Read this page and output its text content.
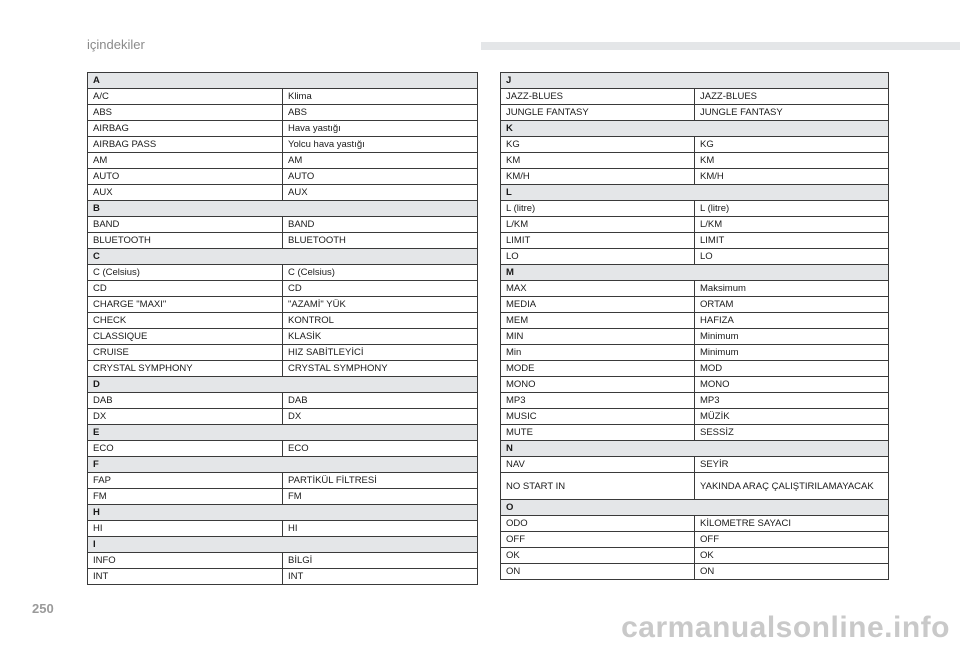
içindekiler
A	
A/C	Klima
ABS	ABS
AIRBAG	Hava yastığı
AIRBAG PASS	Yolcu hava yastığı
AM	AM
AUTO	AUTO
AUX	AUX
B	
BAND	BAND
BLUETOOTH	BLUETOOTH
C	
C (Celsius)	C (Celsius)
CD	CD
CHARGE "MAXI"	"AZAMİ" YÜK
CHECK	KONTROL
CLASSIQUE	KLASİK
CRUISE	HIZ SABİTLEYİCİ
CRYSTAL SYMPHONY	CRYSTAL SYMPHONY
D	
DAB	DAB
DX	DX
E	
ECO	ECO
F	
FAP	PARTİKÜL FİLTRESİ
FM	FM
H	
HI	HI
I	
INFO	BİLGİ
INT	INT
J	
JAZZ-BLUES	JAZZ-BLUES
JUNGLE FANTASY	JUNGLE FANTASY
K	
KG	KG
KM	KM
KM/H	KM/H
L	
L (litre)	L (litre)
L/KM	L/KM
LIMIT	LIMIT
LO	LO
M	
MAX	Maksimum
MEDIA	ORTAM
MEM	HAFIZA
MIN	Minimum
Min	Minimum
MODE	MOD
MONO	MONO
MP3	MP3
MUSIC	MÜZİK
MUTE	SESSİZ
N	
NAV	SEYİR
NO START IN	YAKINDA ARAÇ ÇALIŞTIRILAMAYACAK
O	
ODO	KİLOMETRE SAYACI
OFF	OFF
OK	OK
ON	ON
250
carmanualsonline.info
